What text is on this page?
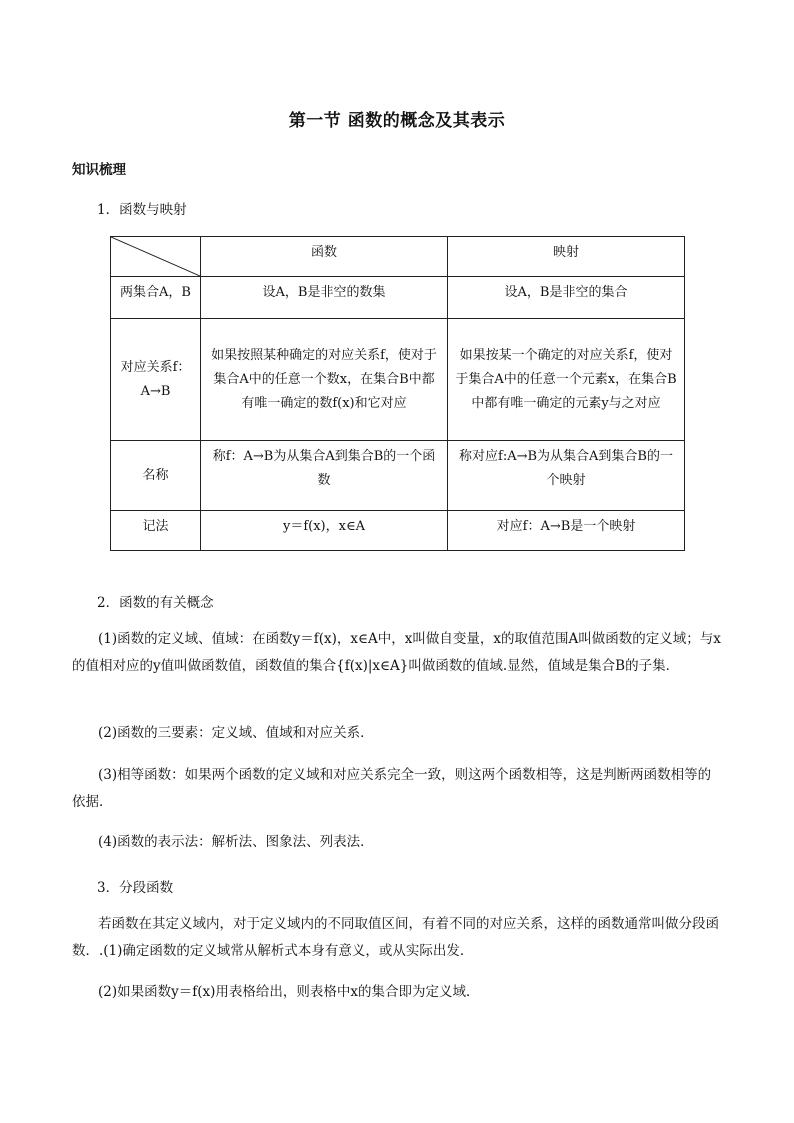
第一节 函数的概念及其表示
知识梳理
1．函数与映射
	函数	映射
两集合A，B	设A，B是非空的数集	设A，B是非空的集合
对应关系f：A→B	如果按照某种确定的对应关系f，使对于集合A中的任意一个数x，在集合B中都有唯一确定的数f(x)和它对应	如果按某一个确定的对应关系f，使对于集合A中的任意一个元素x，在集合B中都有唯一确定的元素y与之对应
名称	称f：A→B为从集合A到集合B的一个函数	称对应f:A→B为从集合A到集合B的一个映射
记法	y＝f(x)，x∈A	对应f：A→B是一个映射
2．函数的有关概念
(1)函数的定义域、值域：在函数y＝f(x)，x∈A中，x叫做自变量，x的取值范围A叫做函数的定义域；与x的值相对应的y值叫做函数值，函数值的集合{f(x)|x∈A}叫做函数的值域.显然，值域是集合B的子集．
(2)函数的三要素：定义域、值域和对应关系．
(3)相等函数：如果两个函数的定义域和对应关系完全一致，则这两个函数相等，这是判断两函数相等的依据．
(4)函数的表示法：解析法、图象法、列表法．
3．分段函数
若函数在其定义域内，对于定义域内的不同取值区间，有着不同的对应关系，这样的函数通常叫做分段函数．.(1)确定函数的定义域常从解析式本身有意义，或从实际出发．
(2)如果函数y＝f(x)用表格给出，则表格中x的集合即为定义域．
